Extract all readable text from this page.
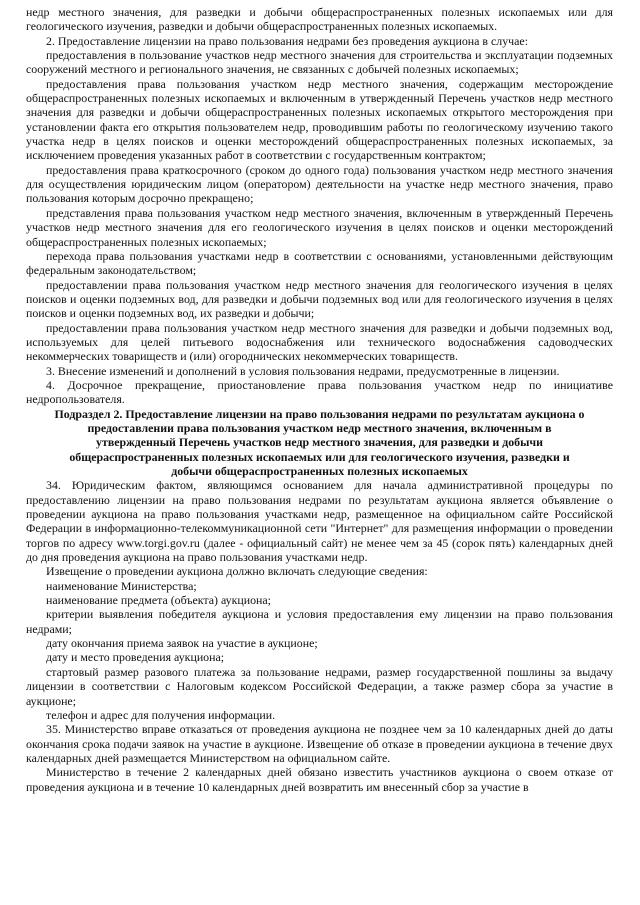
недр местного значения, для разведки и добычи общераспространенных полезных ископаемых или для геологического изучения, разведки и добычи общераспространенных полезных ископаемых.

2. Предоставление лицензии на право пользования недрами без проведения аукциона в случае:

предоставления в пользование участков недр местного значения для строительства и эксплуатации подземных сооружений местного и регионального значения, не связанных с добычей полезных ископаемых;

предоставления права пользования участком недр местного значения, содержащим месторождение общераспространенных полезных ископаемых и включенным в утвержденный Перечень участков недр местного значения для разведки и добычи общераспространенных полезных ископаемых открытого месторождения при установлении факта его открытия пользователем недр, проводившим работы по геологическому изучению такого участка недр в целях поисков и оценки месторождений общераспространенных полезных ископаемых, за исключением проведения указанных работ в соответствии с государственным контрактом;

предоставления права краткосрочного (сроком до одного года) пользования участком недр местного значения для осуществления юридическим лицом (оператором) деятельности на участке недр местного значения, право пользования которым досрочно прекращено;

представления права пользования участком недр местного значения, включенным в утвержденный Перечень участков недр местного значения для его геологического изучения в целях поисков и оценки месторождений общераспространенных полезных ископаемых;

перехода права пользования участками недр в соответствии с основаниями, установленными действующим федеральным законодательством;

предоставлении права пользования участком недр местного значения для геологического изучения в целях поисков и оценки подземных вод, для разведки и добычи подземных вод или для геологического изучения в целях поисков и оценки подземных вод, их разведки и добычи;

предоставлении права пользования участком недр местного значения для разведки и добычи подземных вод, используемых для целей питьевого водоснабжения или технического водоснабжения садоводческих некоммерческих товариществ и (или) огороднических некоммерческих товариществ.

3. Внесение изменений и дополнений в условия пользования недрами, предусмотренные в лицензии.

4. Досрочное прекращение, приостановление права пользования участком недр по инициативе недропользователя.

Подраздел 2. Предоставление лицензии на право пользования недрами по результатам аукциона о предоставлении права пользования участком недр местного значения, включенным в утвержденный Перечень участков недр местного значения, для разведки и добычи общераспространенных полезных ископаемых или для геологического изучения, разведки и добычи общераспространенных полезных ископаемых

34. Юридическим фактом, являющимся основанием для начала административной процедуры по предоставлению лицензии на право пользования недрами по результатам аукциона является объявление о проведении аукциона на право пользования участками недр, размещенное на официальном сайте Российской Федерации в информационно-телекоммуникационной сети "Интернет" для размещения информации о проведении торгов по адресу www.torgi.gov.ru (далее - официальный сайт) не менее чем за 45 (сорок пять) календарных дней до дня проведения аукциона на право пользования участками недр.

Извещение о проведении аукциона должно включать следующие сведения:

наименование Министерства;

наименование предмета (объекта) аукциона;

критерии выявления победителя аукциона и условия предоставления ему лицензии на право пользования недрами;

дату окончания приема заявок на участие в аукционе;

дату и место проведения аукциона;

стартовый размер разового платежа за пользование недрами, размер государственной пошлины за выдачу лицензии в соответствии с Налоговым кодексом Российской Федерации, а также размер сбора за участие в аукционе;

телефон и адрес для получения информации.

35. Министерство вправе отказаться от проведения аукциона не позднее чем за 10 календарных дней до даты окончания срока подачи заявок на участие в аукционе. Извещение об отказе в проведении аукциона в течение двух календарных дней размещается Министерством на официальном сайте.

Министерство в течение 2 календарных дней обязано известить участников аукциона о своем отказе от проведения аукциона и в течение 10 календарных дней возвратить им внесенный сбор за участие в
